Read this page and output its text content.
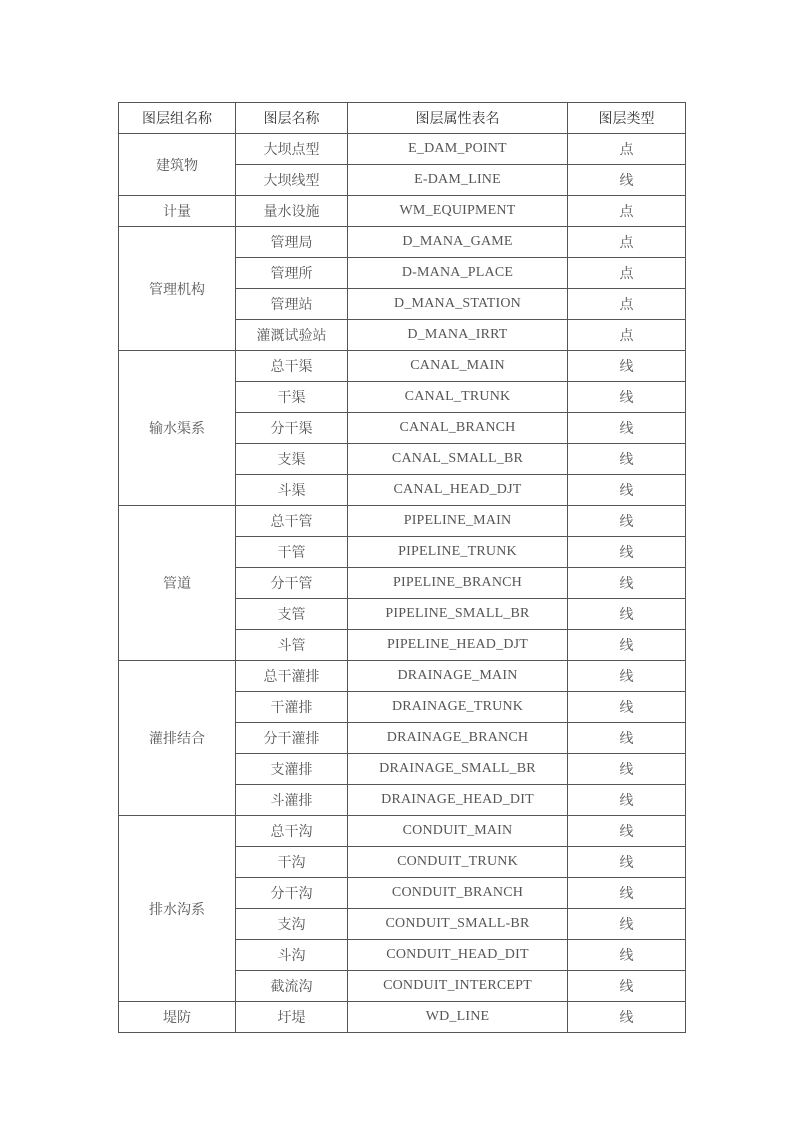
图层组名称	图层名称	图层属性表名	图层类型
建筑物	大坝点型	E_DAM_POINT	点
	大坝线型	E-DAM_LINE	线
计量	量水设施	WM_EQUIPMENT	点
管理机构	管理局	D_MANA_GAME	点
	管理所	D-MANA_PLACE	点
	管理站	D_MANA_STATION	点
	灌溉试验站	D_MANA_IRRT	点
输水渠系	总干渠	CANAL_MAIN	线
	干渠	CANAL_TRUNK	线
	分干渠	CANAL_BRANCH	线
	支渠	CANAL_SMALL_BR	线
	斗渠	CANAL_HEAD_DJT	线
管道	总干管	PIPELINE_MAIN	线
	干管	PIPELINE_TRUNK	线
	分干管	PIPELINE_BRANCH	线
	支管	PIPELINE_SMALL_BR	线
	斗管	PIPELINE_HEAD_DJT	线
灌排结合	总干灌排	DRAINAGE_MAIN	线
	干灌排	DRAINAGE_TRUNK	线
	分干灌排	DRAINAGE_BRANCH	线
	支灌排	DRAINAGE_SMALL_BR	线
	斗灌排	DRAINAGE_HEAD_DIT	线
排水沟系	总干沟	CONDUIT_MAIN	线
	干沟	CONDUIT_TRUNK	线
	分干沟	CONDUIT_BRANCH	线
	支沟	CONDUIT_SMALL-BR	线
	斗沟	CONDUIT_HEAD_DIT	线
	截流沟	CONDUIT_INTERCEPT	线
堤防	圩堤	WD_LINE	线
